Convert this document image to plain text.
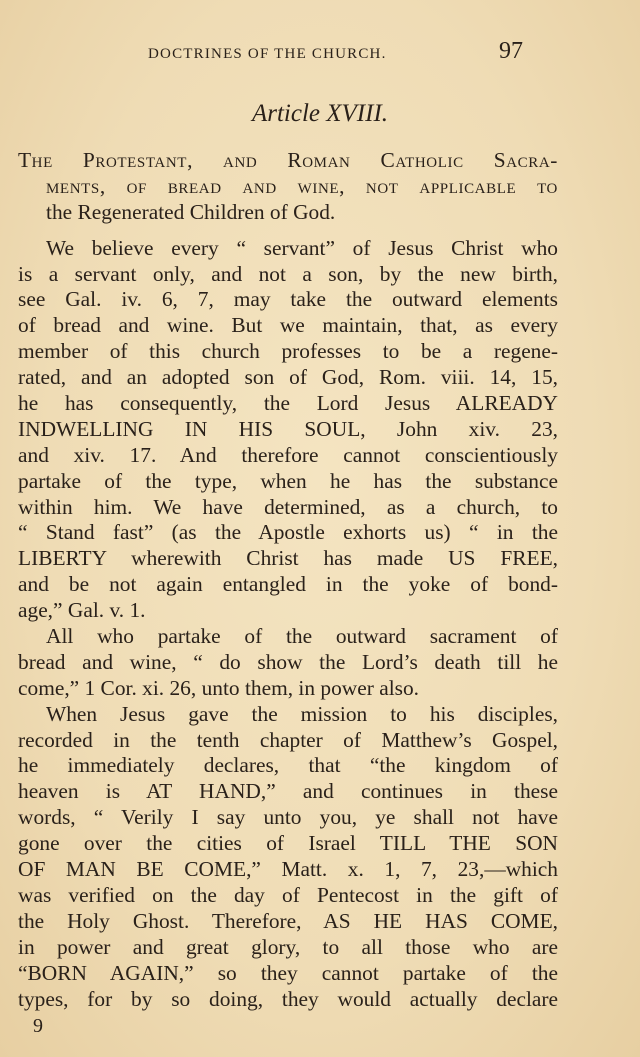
DOCTRINES OF THE CHURCH.	97
Article XVIII.
The Protestant, and Roman Catholic Sacra-
ments, of bread and wine, not applicable to
the Regenerated Children of God.
We believe every “ servant” of Jesus Christ who
is a servant only, and not a son, by the new birth,
see Gal. iv. 6, 7, may take the outward elements
of bread and wine. But we maintain, that, as every
member of this church professes to be a regene-
rated, and an adopted son of God, Rom. viii. 14, 15,
he has consequently, the Lord Jesus ALREADY
INDWELLING IN HIS SOUL, John xiv. 23,
and xiv. 17. And therefore cannot conscientiously
partake of the type, when he has the substance
within him. We have determined, as a church, to
“ Stand fast” (as the Apostle exhorts us) “ in the
LIBERTY wherewith Christ has made US FREE,
and be not again entangled in the yoke of bond-
age,” Gal. v. 1.
All who partake of the outward sacrament of
bread and wine, “ do show the Lord’s death till he
come,” 1 Cor. xi. 26, unto them, in power also.
When Jesus gave the mission to his disciples,
recorded in the tenth chapter of Matthew’s Gospel,
he immediately declares, that “the kingdom of
heaven is AT HAND,” and continues in these
words, “ Verily I say unto you, ye shall not have
gone over the cities of Israel TILL THE SON
OF MAN BE COME,” Matt. x. 1, 7, 23,—which
was verified on the day of Pentecost in the gift of
the Holy Ghost. Therefore, AS HE HAS COME,
in power and great glory, to all those who are
“BORN AGAIN,” so they cannot partake of the
types, for by so doing, they would actually declare
9
